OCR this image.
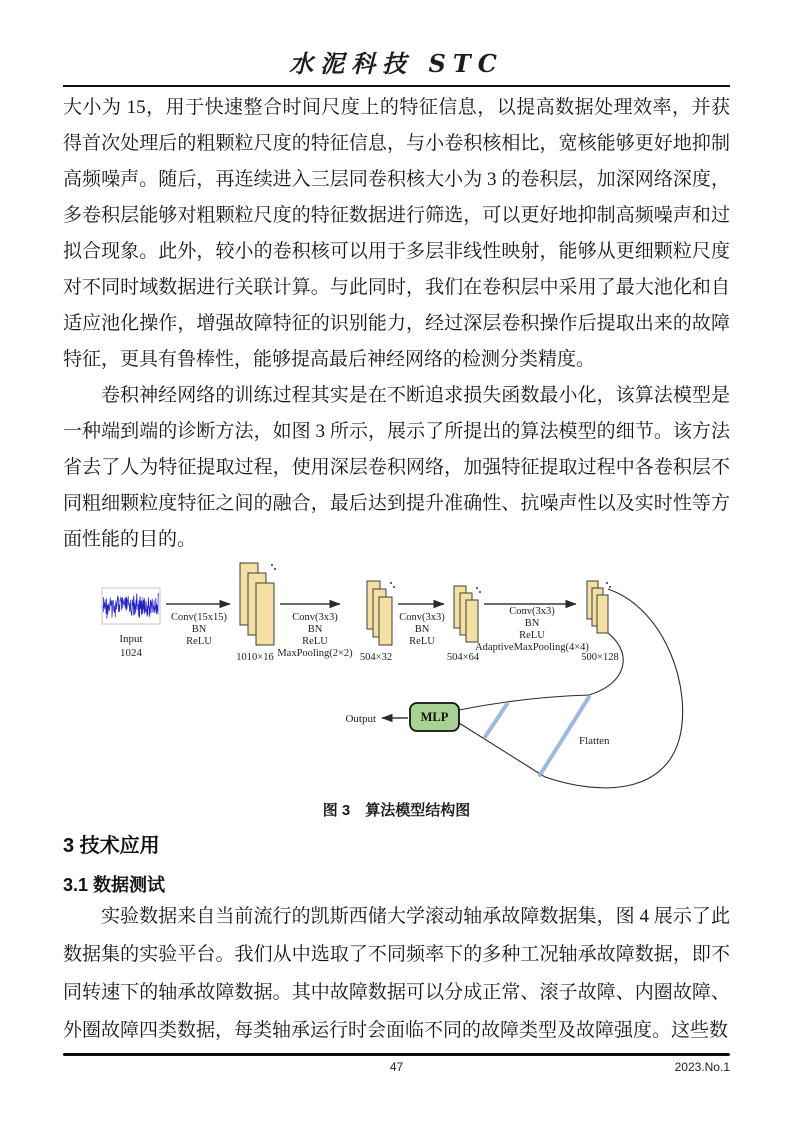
水泥科技 STC

大小为 15，用于快速整合时间尺度上的特征信息，以提高数据处理效率，并获得首次处理后的粗颗粒尺度的特征信息，与小卷积核相比，宽核能够更好地抑制高频噪声。随后，再连续进入三层同卷积核大小为 3 的卷积层，加深网络深度，多卷积层能够对粗颗粒尺度的特征数据进行筛选，可以更好地抑制高频噪声和过拟合现象。此外，较小的卷积核可以用于多层非线性映射，能够从更细颗粒尺度对不同时域数据进行关联计算。与此同时，我们在卷积层中采用了最大池化和自适应池化操作，增强故障特征的识别能力，经过深层卷积操作后提取出来的故障特征，更具有鲁棒性，能够提高最后神经网络的检测分类精度。

卷积神经网络的训练过程其实是在不断追求损失函数最小化，该算法模型是一种端到端的诊断方法，如图 3 所示，展示了所提出的算法模型的细节。该方法省去了人为特征提取过程，使用深层卷积网络，加强特征提取过程中各卷积层不同粗细颗粒度特征之间的融合，最后达到提升准确性、抗噪声性以及实时性等方面性能的目的。

Input
1024
Conv(15x15)
BN
ReLU
1010×16
Conv(3x3)
BN
ReLU
MaxPooling(2×2) 504×32
Conv(3x3)
BN
ReLU
504×64
Conv(3x3)
BN
ReLU
AdaptiveMaxPooling(4×4)
500×128
Flatten
MLP
Output
图 3　算法模型结构图
3 技术应用
3.1 数据测试

实验数据来自当前流行的凯斯西储大学滚动轴承故障数据集，图 4 展示了此数据集的实验平台。我们从中选取了不同频率下的多种工况轴承故障数据，即不同转速下的轴承故障数据。其中故障数据可以分成正常、滚子故障、内圈故障、外圈故障四类数据，每类轴承运行时会面临不同的故障类型及故障强度。这些数

47	2023.No.1
